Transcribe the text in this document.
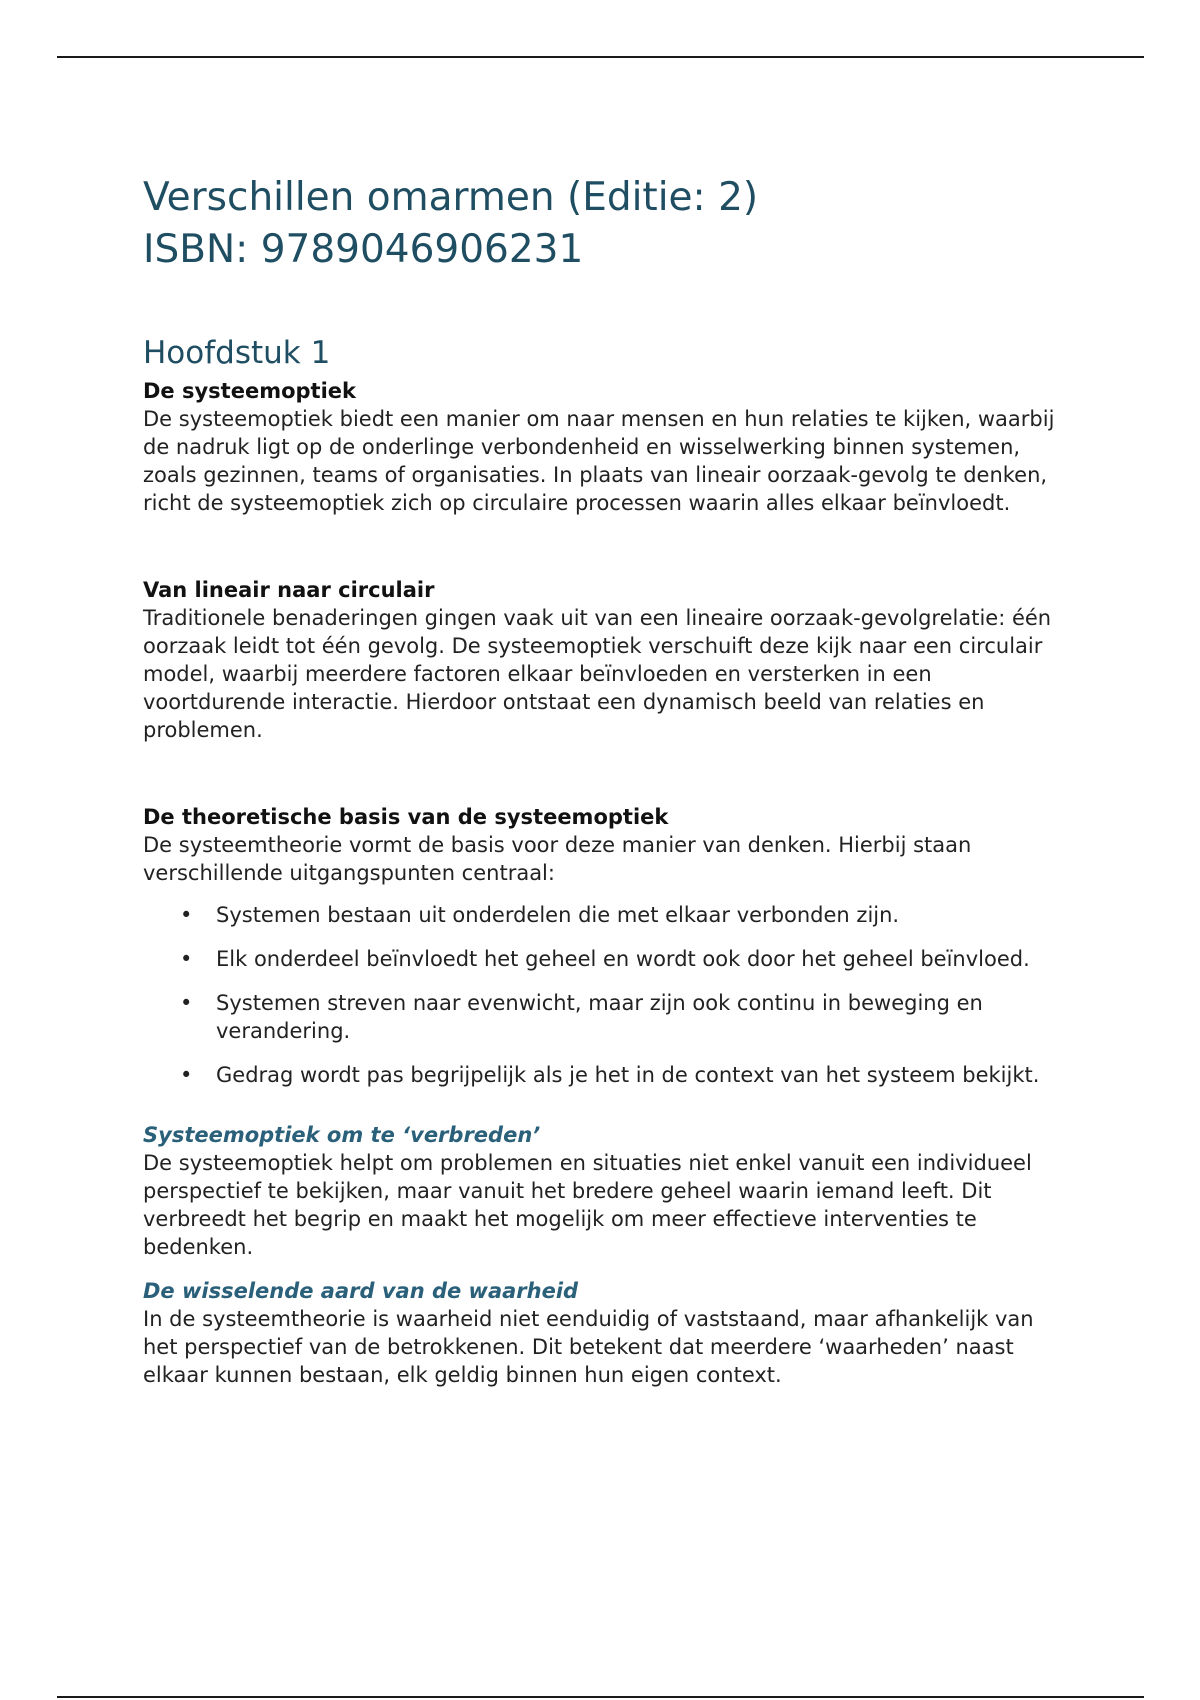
Verschillen omarmen (Editie: 2)
ISBN: 9789046906231
Hoofdstuk 1
De systeemoptiek

De systeemoptiek biedt een manier om naar mensen en hun relaties te kijken, waarbij de nadruk ligt op de onderlinge verbondenheid en wisselwerking binnen systemen, zoals gezinnen, teams of organisaties. In plaats van lineair oorzaak-gevolg te denken, richt de systeemoptiek zich op circulaire processen waarin alles elkaar beïnvloedt.

Van lineair naar circulair

Traditionele benaderingen gingen vaak uit van een lineaire oorzaak-gevolgrelatie: één oorzaak leidt tot één gevolg. De systeemoptiek verschuift deze kijk naar een circulair model, waarbij meerdere factoren elkaar beïnvloeden en versterken in een voortdurende interactie. Hierdoor ontstaat een dynamisch beeld van relaties en problemen.

De theoretische basis van de systeemoptiek

De systeemtheorie vormt de basis voor deze manier van denken. Hierbij staan verschillende uitgangspunten centraal:

• Systemen bestaan uit onderdelen die met elkaar verbonden zijn.
• Elk onderdeel beïnvloedt het geheel en wordt ook door het geheel beïnvloed.
• Systemen streven naar evenwicht, maar zijn ook continu in beweging en verandering.
• Gedrag wordt pas begrijpelijk als je het in de context van het systeem bekijkt.
Systeemoptiek om te ‘verbreden’

De systeemoptiek helpt om problemen en situaties niet enkel vanuit een individueel perspectief te bekijken, maar vanuit het bredere geheel waarin iemand leeft. Dit verbreedt het begrip en maakt het mogelijk om meer effectieve interventies te bedenken.

De wisselende aard van de waarheid

In de systeemtheorie is waarheid niet eenduidig of vaststaand, maar afhankelijk van het perspectief van de betrokkenen. Dit betekent dat meerdere ‘waarheden’ naast elkaar kunnen bestaan, elk geldig binnen hun eigen context.
